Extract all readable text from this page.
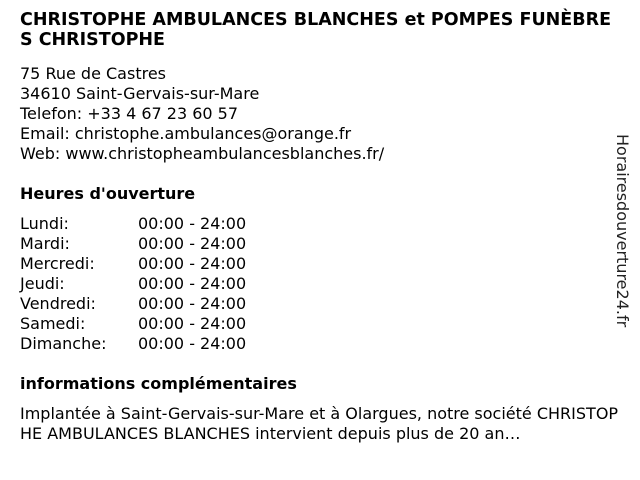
CHRISTOPHE AMBULANCES BLANCHES et POMPES FUNÈBRES CHRISTOPHE
75 Rue de Castres
34610 Saint-Gervais-sur-Mare
Telefon: +33 4 67 23 60 57
Email: christophe.ambulances@orange.fr
Web: www.christopheambulancesblanches.fr/
Heures d'ouverture
Lundi:	00:00 - 24:00
Mardi:	00:00 - 24:00
Mercredi:	00:00 - 24:00
Jeudi:	00:00 - 24:00
Vendredi:	00:00 - 24:00
Samedi:	00:00 - 24:00
Dimanche:	00:00 - 24:00
informations complémentaires
Implantée à Saint-Gervais-sur-Mare et à Olargues, notre société CHRISTOPHE AMBULANCES BLANCHES intervient depuis plus de 20 an…
Horairesdouverture24.fr
